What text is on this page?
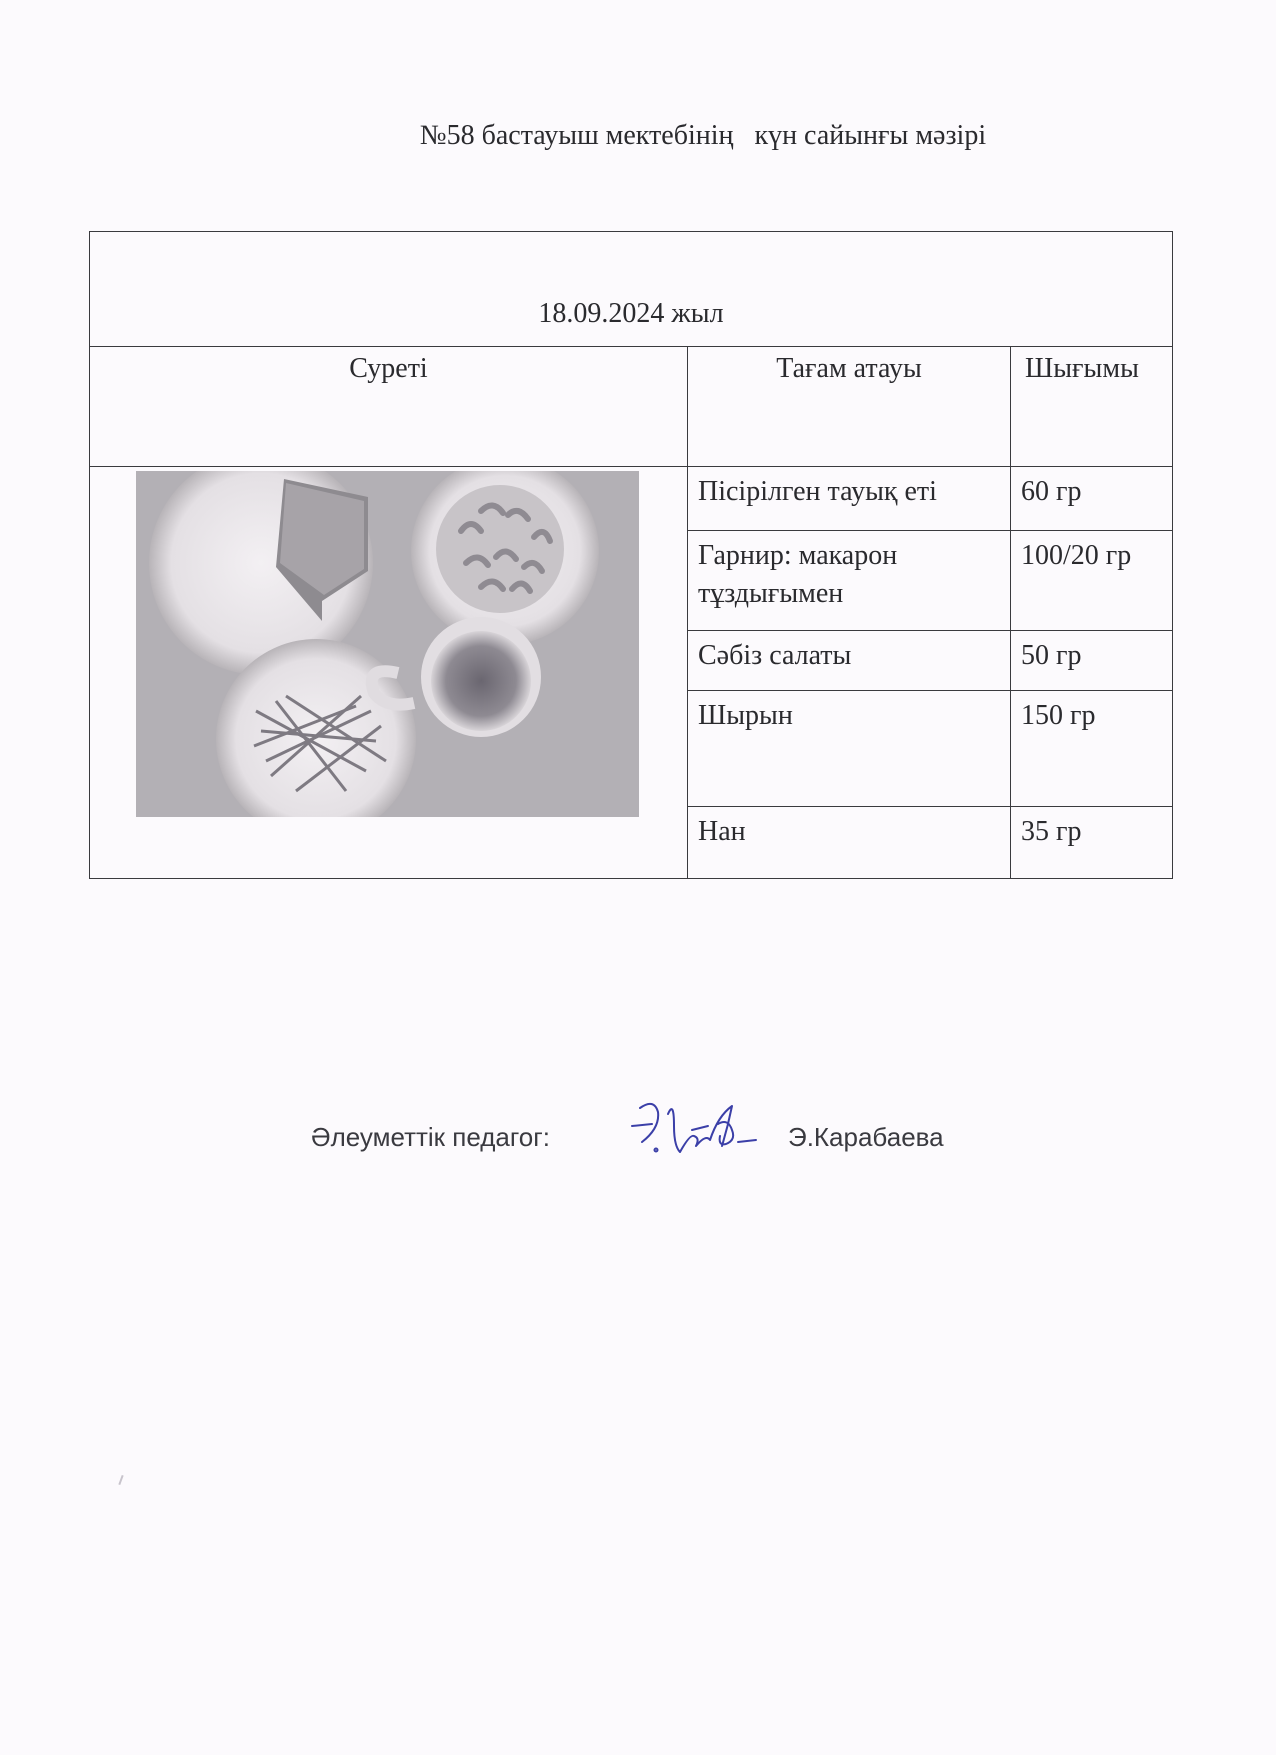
№58 бастауыш мектебінің   күн сайынғы мәзірі
18.09.2024 жыл		
Суреті	Тағам атауы	Шығымы

	Пісірілген тауық еті	60 гр
	Гарнир: макарон тұздығымен	100/20 гр
	Сәбіз салаты	50 гр
	Шырын	150 гр
	Нан	35 гр
Әлеуметтік педагог:	Э.Карабаева
